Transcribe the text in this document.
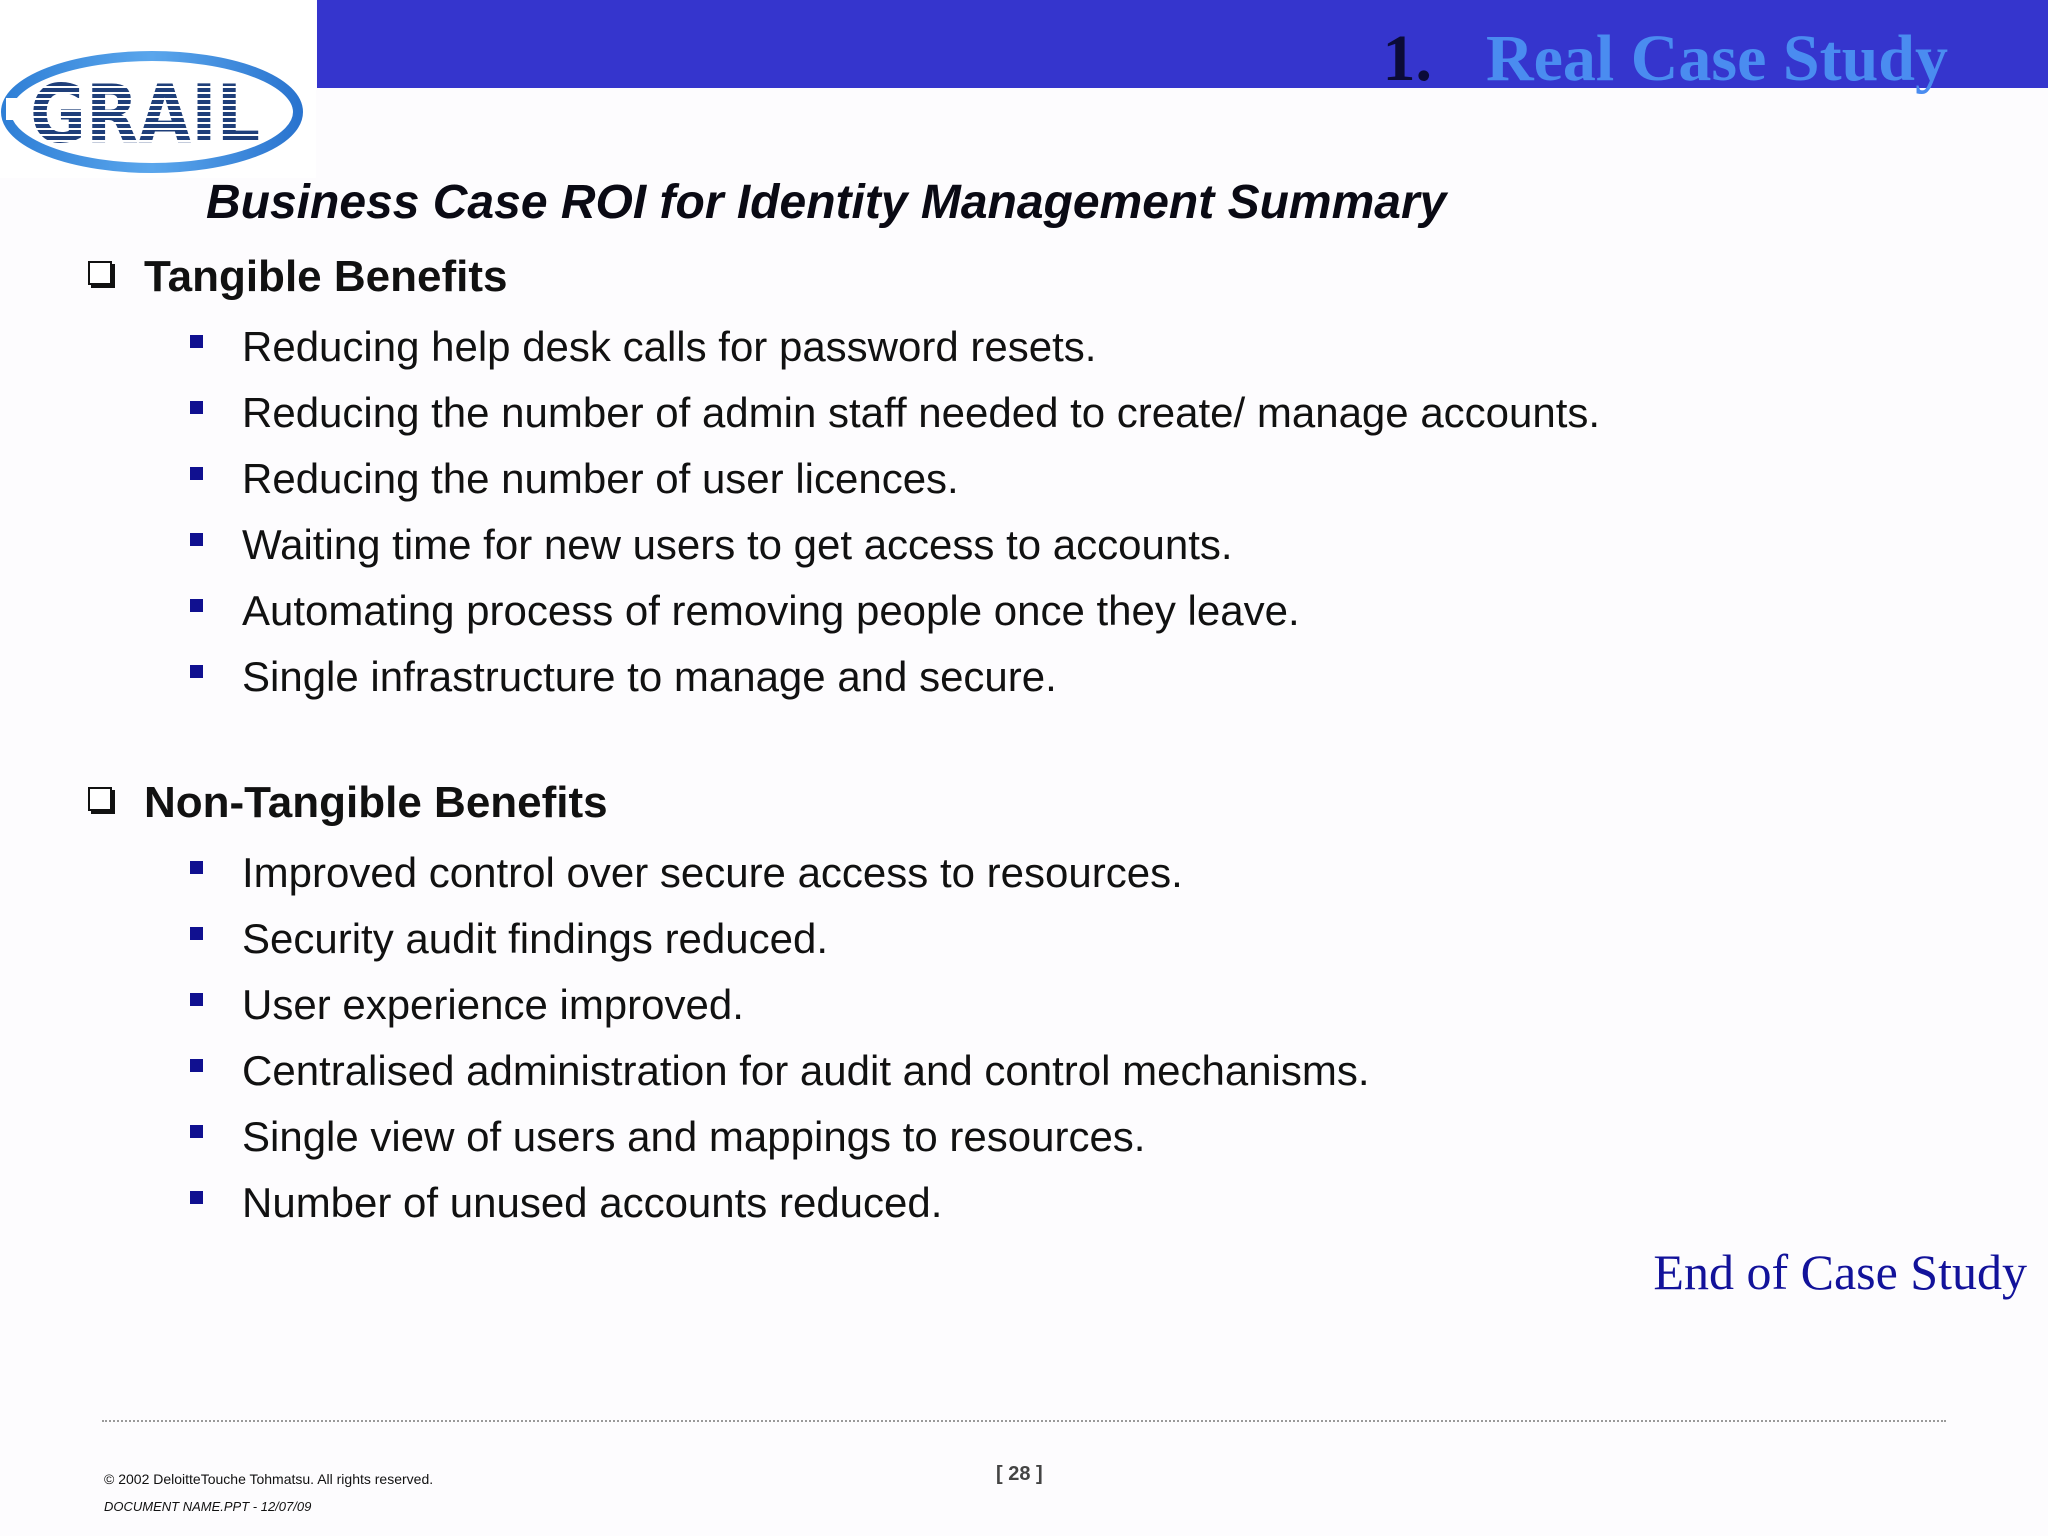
GRAIL
1. Real Case Study
Business Case ROI for Identity Management Summary
Tangible Benefits
Reducing help desk calls for password resets.
Reducing the number of admin staff needed to create/ manage accounts.
Reducing the number of user licences.
Waiting time for new users to get access to accounts.
Automating process of removing people once they leave.
Single infrastructure to manage and secure.
Non-Tangible Benefits
Improved control over secure access to resources.
Security audit findings reduced.
User experience improved.
Centralised administration for audit and control mechanisms.
Single view of users and mappings to resources.
Number of unused accounts reduced.
End of Case Study
© 2002 DeloitteTouche Tohmatsu. All rights reserved.
DOCUMENT NAME.PPT - 12/07/09
[ 28 ]
